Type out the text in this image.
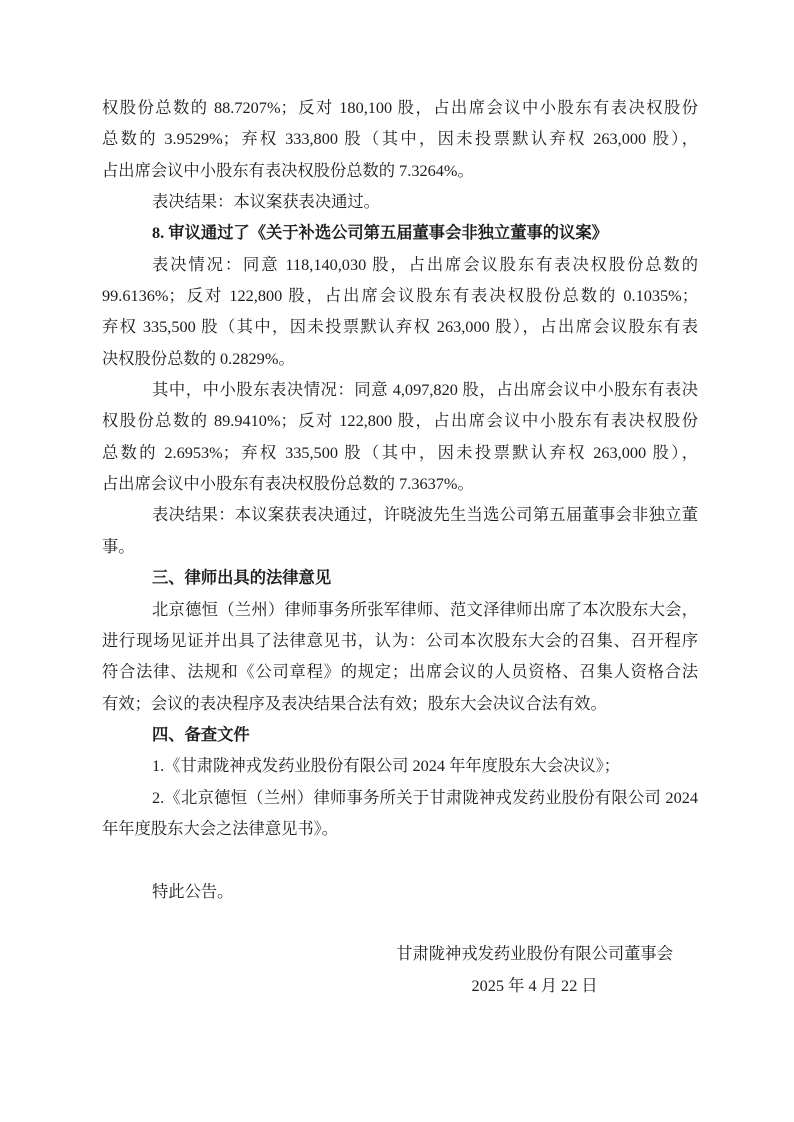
权股份总数的 88.7207%；反对 180,100 股，占出席会议中小股东有表决权股份
总数的 3.9529%；弃权 333,800 股（其中，因未投票默认弃权 263,000 股），
占出席会议中小股东有表决权股份总数的 7.3264%。
表决结果：本议案获表决通过。
8. 审议通过了《关于补选公司第五届董事会非独立董事的议案》
表决情况：同意 118,140,030 股，占出席会议股东有表决权股份总数的
99.6136%；反对 122,800 股，占出席会议股东有表决权股份总数的 0.1035%；
弃权 335,500 股（其中，因未投票默认弃权 263,000 股），占出席会议股东有表
决权股份总数的 0.2829%。
其中，中小股东表决情况：同意 4,097,820 股，占出席会议中小股东有表决
权股份总数的 89.9410%；反对 122,800 股，占出席会议中小股东有表决权股份
总数的 2.6953%；弃权 335,500 股（其中，因未投票默认弃权 263,000 股），
占出席会议中小股东有表决权股份总数的 7.3637%。
表决结果：本议案获表决通过，许晓波先生当选公司第五届董事会非独立董
事。
三、律师出具的法律意见
北京德恒（兰州）律师事务所张军律师、范文泽律师出席了本次股东大会，
进行现场见证并出具了法律意见书，认为：公司本次股东大会的召集、召开程序
符合法律、法规和《公司章程》的规定；出席会议的人员资格、召集人资格合法
有效；会议的表决程序及表决结果合法有效；股东大会决议合法有效。
四、备查文件
1.《甘肃陇神戎发药业股份有限公司 2024 年年度股东大会决议》；
2.《北京德恒（兰州）律师事务所关于甘肃陇神戎发药业股份有限公司 2024
年年度股东大会之法律意见书》。
特此公告。
甘肃陇神戎发药业股份有限公司董事会
2025 年 4 月 22 日
